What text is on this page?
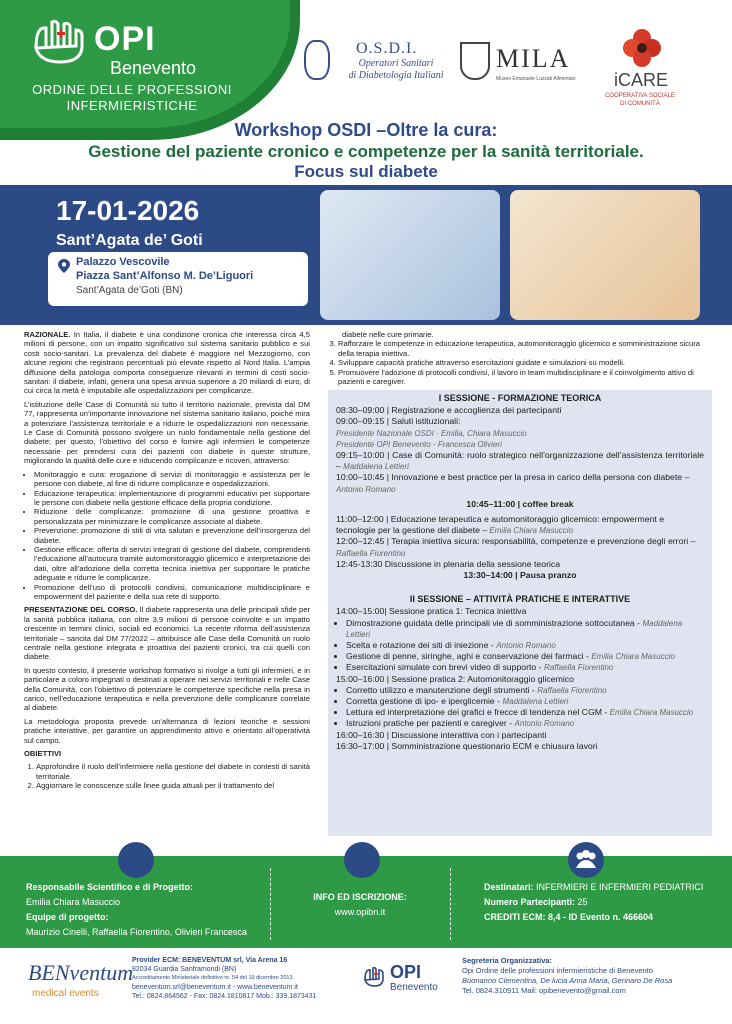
OPI
Benevento
ORDINE DELLE PROFESSIONI
INFERMIERISTICHE
O.S.D.I.
Operatori Sanitari
di Diabetologia Italiani
MILA
Museo Emanuele Luzzati Alimentari iCARE
COOPERATIVA SOCIALE
DI COMUNITÀ
Workshop OSDI –Oltre la cura:
Gestione del paziente cronico e competenze per la sanità territoriale.
Focus sul diabete
17-01-2026
Sant’Agata de’ Goti
Palazzo Vescovile
Piazza Sant’Alfonso M. De’Liguori
Sant’Agata de’Goti (BN)

RAZIONALE. In Italia, il diabete è una condizione cronica che interessa circa 4,5 milioni di persone, con un impatto significativo sul sistema sanitario pubblico e sui costi socio-sanitari. La prevalenza del diabete è maggiore nel Mezzogiorno, con alcune regioni che registrano percentuali più elevate rispetto al Nord Italia. L’ampia diffusione della patologia comporta conseguenze rilevanti in termini di costi socio-sanitari: il diabete, infatti, genera una spesa annua superiore a 20 miliardi di euro, di cui circa la metà è imputabile alle ospedalizzazioni per complicanze.

L’istituzione delle Case di Comunità su tutto il territorio nazionale, prevista dal DM 77, rappresenta un’importante innovazione nel sistema sanitario italiano, poiché mira a potenziare l’assistenza territoriale e a ridurre le ospedalizzazioni non necessarie. Le Case di Comunità possono svolgere un ruolo fondamentale nella gestione del diabete; per questo, l’obiettivo del corso è fornire agli infermieri le competenze necessarie per prendersi cura dei pazienti con diabete in queste strutture, migliorando la qualità delle cure e riducendo complicanze e ricoveri, attraverso:

• Monitoraggio e cura: erogazione di servizi di monitoraggio e assistenza per le persone con diabete, al fine di ridurre complicanze e ospedalizzazioni.
• Educazione terapeutica: implementazione di programmi educativi per supportare le persone con diabete nella gestione efficace della propria condizione.
• Riduzione delle complicanze: promozione di una gestione proattiva e personalizzata per minimizzare le complicanze associate al diabete.
• Prevenzione: promozione di stili di vita salutari e prevenzione dell’insorgenza del diabete.
• Gestione efficace: offerta di servizi integrati di gestione del diabete, comprendenti l’educazione all’autocura tramite automonitoraggio glicemico e interpretazione dei dati, oltre all’adozione della corretta tecnica iniettiva per supportare le pratiche adeguate e ridurre le complicanze.
• Promozione dell’uso di protocolli condivisi, comunicazione multidisciplinare e empowerment del paziente e della sua rete di supporto.

PRESENTAZIONE DEL CORSO. Il diabete rappresenta una delle principali sfide per la sanità pubblica italiana, con oltre 3,9 milioni di persone coinvolte e un impatto crescente in termini clinici, sociali ed economici. La recente riforma dell’assistenza territoriale – sancita dal DM 77/2022 – attribuisce alle Case della Comunità un ruolo centrale nella gestione integrata e proattiva dei pazienti cronici, tra cui quelli con diabete.

In questo contesto, il presente workshop formativo si rivolge a tutti gli infermieri, e in particolare a coloro impegnati o destinati a operare nei servizi territoriali e nelle Case della Comunità, con l’obiettivo di potenziare le competenze specifiche nella presa in carico, nell’educazione terapeutica e nella prevenzione delle complicanze correlate al diabete.

La metodologia proposta prevede un’alternanza di lezioni teoriche e sessioni pratiche interattive, per garantire un apprendimento attivo e orientato all’operatività sul campo.

OBIETTIVI

1. Approfondire il ruolo dell’infermiere nella gestione del diabete in contesti di sanità territoriale.
2. Aggiornare le conoscenze sulle linee guida attuali per il trattamento del
diabete nelle cure primarie.
3. Rafforzare le competenze in educazione terapeutica, automonitoraggio glicemico e somministrazione sicura della terapia iniettiva.
4. Sviluppare capacità pratiche attraverso esercitazioni guidate e simulazioni su modelli.
5. Promuovere l’adozione di protocolli condivisi, il lavoro in team multidisciplinare e il coinvolgimento attivo di pazienti e caregiver.
I SESSIONE - FORMAZIONE TEORICA
08:30–09:00 | Registrazione e accoglienza dei partecipanti
09:00–09:15 | Saluti istituzionali:
Presidente Nazionale OSDI - Emilia, Chiara Masuccio
Presidente OPI Benevento - Francesca Olivieri
09:15–10:00 | Case di Comunità: ruolo strategico nell’organizzazione dell’assistenza territoriale – Maddalena Lettieri
10:00–10:45 | Innovazione e best practice per la presa in carico della persona con diabete –
Antonio Romano
10:45–11:00 | coffee break
11:00–12:00 | Educazione terapeutica e automonitoraggio glicemico: empowerment e tecnologie per la gestione del diabete – Emilia Chiara Masuccio
12:00–12:45 | Terapia iniettiva sicura: responsabilità, competenze e prevenzione degli errori – Raffaella Fiorentino
12:45-13:30 Discussione in plenaria della sessione teorica
13:30–14:00 | Pausa pranzo
II SESSIONE – ATTIVITÀ PRATICHE E INTERATTIVE
14:00–15:00| Sessione pratica 1: Tecnica iniettiva
• Dimostrazione guidata delle principali vie di somministrazione sottocutanea - Maddalena Lettieri
• Scelta e rotazione dei siti di iniezione - Antonio Romano
• Gestione di penne, siringhe, aghi e conservazione dei farmaci - Emilia Chiara Masuccio
• Esercitazioni simulate con brevi video di supporto - Raffaella Fiorentino
15:00–16:00 | Sessione pratica 2: Automonitoraggio glicemico
• Corretto utilizzo e manutenzione degli strumenti - Raffaella Fiorentino
• Corretta gestione di ipo- e iperglicemie - Maddalena Lettieri
• Lettura ed interpretazione dei grafici e frecce di tendenza nel CGM - Emilia Chiara Masuccio
• Istruzioni pratiche per pazienti e caregiver - Antonio Romano
16:00–16:30 | Discussione interattiva con i partecipanti
16:30–17:00 | Somministrazione questionario ECM e chiusura lavori
Responsabile Scientifico e di Progetto:
Emilia Chiara Masuccio
Equipe di progetto:
Maurizio Cinelli, Raffaella Fiorentino, Olivieri Francesca
INFO ED ISCRIZIONE:
www.opibn.it
Destinatari: INFERMIERI E INFERMIERI PEDIATRICI
Numero Partecipanti: 25
CREDITI ECM: 8,4 - ID Evento n. 466604
BENventum
medical events
Provider ECM: BENEVENTUM srl, Via Arena 16
82034 Guardia Sanframondi (BN)
Accreditamento Ministeriale definitivo nr. 54 del 19 dicembre 2013
beneventum.srl@beneventum.it - www.beneventum.it
Tel.: 0824.864562 - Fax: 0824.1810817 Mob.: 339.1873431
OPI
Benevento
Segreteria Organizzativa:
Opi Ordine delle professioni infermieristiche di Benevento
Buonanno Clementina, De lucia Anna Maria, Gennaro De Rosa
Tel. 0824.310911 Mail: opibenevento@gmail.com
